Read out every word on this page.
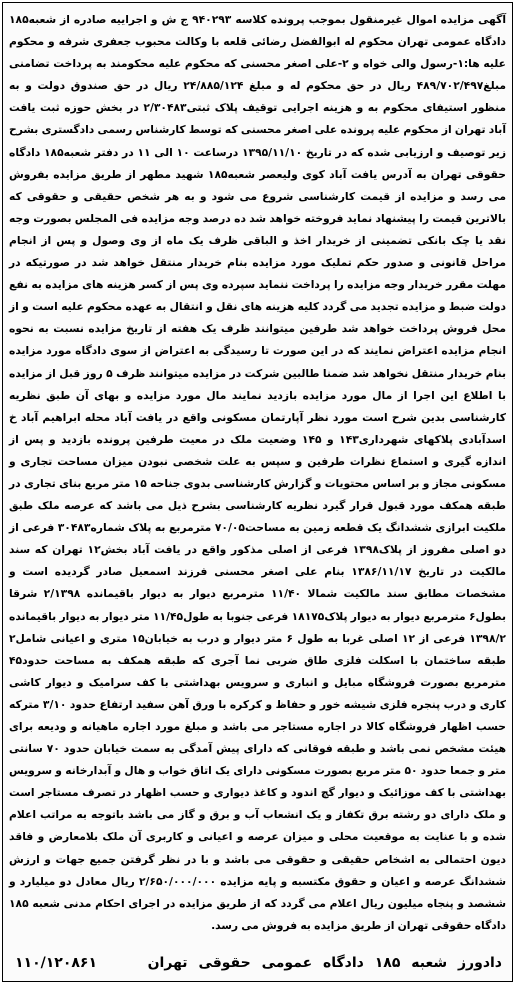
آگهی مزایده اموال غیرمنقول بموجب پرونده کلاسه ۹۴۰۲۹۳ ج ش و اجراییه صادره از شعبه۱۸۵ دادگاه عمومی تهران محکوم له ابوالفضل رضائی قلعه با وکالت محبوب جعفری شرفه و محکوم علیه ها:۱-رسول والی خواه و ۲-علی اصغر محسنی که محکوم علیه محکومند به پرداخت تضامنی مبلغ۴۸۹/۷۰۲/۴۹۷ ریال در حق محکوم له و مبلغ ۲۴/۸۸۵/۱۲۴ ریال در حق صندوق دولت و به منظور استیفای محکوم به و هزینه اجرایی توقیف پلاک ثبتی۲/۳۰۴۸۳ در بخش حوزه ثبت یافت آباد تهران از محکوم علیه پرونده علی اصغر محسنی که توسط کارشناس رسمی دادگستری بشرح زیر توصیف و ارزیابی شده که در تاریخ ۱۳۹۵/۱۱/۱۰ درساعت ۱۰ الی ۱۱ در دفتر شعبه۱۸۵ دادگاه حقوقی تهران به آدرس یافت آباد کوی ولیعصر شعبه۱۸۵ شهید مطهر از طریق مزایده بفروش می رسد و مزایده از قیمت کارشناسی شروع می شود و به هر شخص حقیقی و حقوقی که بالاترین قیمت را پیشنهاد نماید فروخته خواهد شد ده درصد وجه مزایده فی المجلس بصورت وجه نقد یا چک بانکی تضمینی از خریدار اخذ و الباقی ظرف یک ماه از وی وصول و پس از انجام مراحل قانونی و صدور حکم تملیک مورد مزایده بنام خریدار منتقل خواهد شد در صورتیکه در مهلت مقرر خریدار وجه مزایده را پرداخت ننماید سپرده وی پس از کسر هزینه های مزایده به نفع دولت ضبط و مزایده تجدید می گردد کلیه هزینه های نقل و انتقال به عهده محکوم علیه است و از محل فروش پرداخت خواهد شد طرفین میتوانند ظرف یک هفته از تاریخ مزایده نسبت به نحوه انجام مزایده اعتراض نمایند که در این صورت تا رسیدگی به اعتراض از سوی دادگاه مورد مزایده بنام خریدار منتقل نخواهد شد ضمنا طالبین شرکت در مزایده میتوانند ظرف ۵ روز قبل از مزایده با اطلاع این اجرا از مال مورد مزایده بازدید نمایند مال مورد مزایده و بهای آن طبق نظریه کارشناسی بدین شرح است مورد نظر آپارتمان مسکونی واقع در یافت آباد محله ابراهیم آباد خ اسدآبادی پلاکهای شهرداری۱۴۳ و ۱۴۵ وضعیت ملک در معیت طرفین پرونده بازدید و پس از اندازه گیری و استماع نظرات طرفین و سپس به علت شخصی نبودن میزان مساحت تجاری و مسکونی مجاز و بر اساس محتویات و گزارش کارشناسی بدوی جناحه ۱۵ متر مربع بنای تجاری در طبقه همکف مورد قبول قرار گیرد نظریه کارشناسی بشرح ذیل می باشد که عرصه ملک طبق ملکیت ابرازی ششدانگ یک قطعه زمین به مساحت۷۰/۰۵ مترمربع به پلاک شماره۳۰۴۸۳ فرعی از دو اصلی مفروز از پلاک۱۳۹۸ فرعی از اصلی مذکور واقع در یافت آباد بخش۱۲ تهران که سند مالکیت در تاریخ ۱۳۸۶/۱۱/۱۷ بنام علی اصغر محسنی فرزند اسمعیل صادر گردیده است و مشخصات مطابق سند مالکیت شمالا ۱۱/۴۰ مترمربع دیوار به دیوار باقیمانده ۲/۱۳۹۸ شرقا بطول۶ مترمربع دیوار به دیوار پلاک۱۸۱۷۵ فرعی جنوبا به طول۱۱/۴۵ متر دیوار به دیوار باقیمانده ۱۳۹۸/۲ فرعی از ۱۲ اصلی غربا به طول ۶ متر دیوار و درب به خیابان۱۵ متری و اعیانی شامل۲ طبقه ساختمان با اسکلت فلزی طاق ضربی نما آجری که طبقه همکف به مساحت حدود۴۵ مترمربع بصورت فروشگاه مبایل و انباری و سرویس بهداشتی با کف سرامیک و دیوار کاشی کاری و درب پنجره فلزی شیشه خور و حفاظ و کرکره با ورق آهن سفید ارتفاع حدود ۳/۱۰ مترکه حسب اظهار فروشگاه کالا در اجاره مستاجر می باشد و مبلغ مورد اجاره ماهیانه و ودیعه برای هیئت مشخص نمی باشد و طبقه فوقانی که دارای پیش آمدگی به سمت خیابان حدود ۷۰ سانتی متر و جمعا حدود ۵۰ متر مربع بصورت مسکونی دارای یک اتاق خواب و هال و آبدارخانه و سرویس بهداشتی با کف موزائیک و دیوار گچ اندود و کاغذ دیواری و حسب اظهار در تصرف مستاجر است و ملک دارای دو رشته برق تکفاز و یک انشعاب آب و برق و گاز می باشد باتوجه به مراتب اعلام شده و با عنایت به موقعیت محلی و میزان عرصه و اعیانی و کاربری آن ملک بلامعارض و فاقد دیون احتمالی به اشخاص حقیقی و حقوقی می باشد و با در نظر گرفتن جمیع جهات و ارزش ششدانگ عرصه و اعیان و حقوق مکتسبه و پایه مزایده ۲/۶۵۰/۰۰۰/۰۰۰ ریال معادل دو میلیارد و ششصد و پنجاه میلیون ریال اعلام می گردد که از طریق مزایده در اجرای احکام مدنی شعبه ۱۸۵ دادگاه حقوقی تهران از طریق مزایده به فروش می رسد.
۱۱۰/۱۲۰۸۶۱	دادورز شعبه ۱۸۵ دادگاه عمومی حقوقی تهران
